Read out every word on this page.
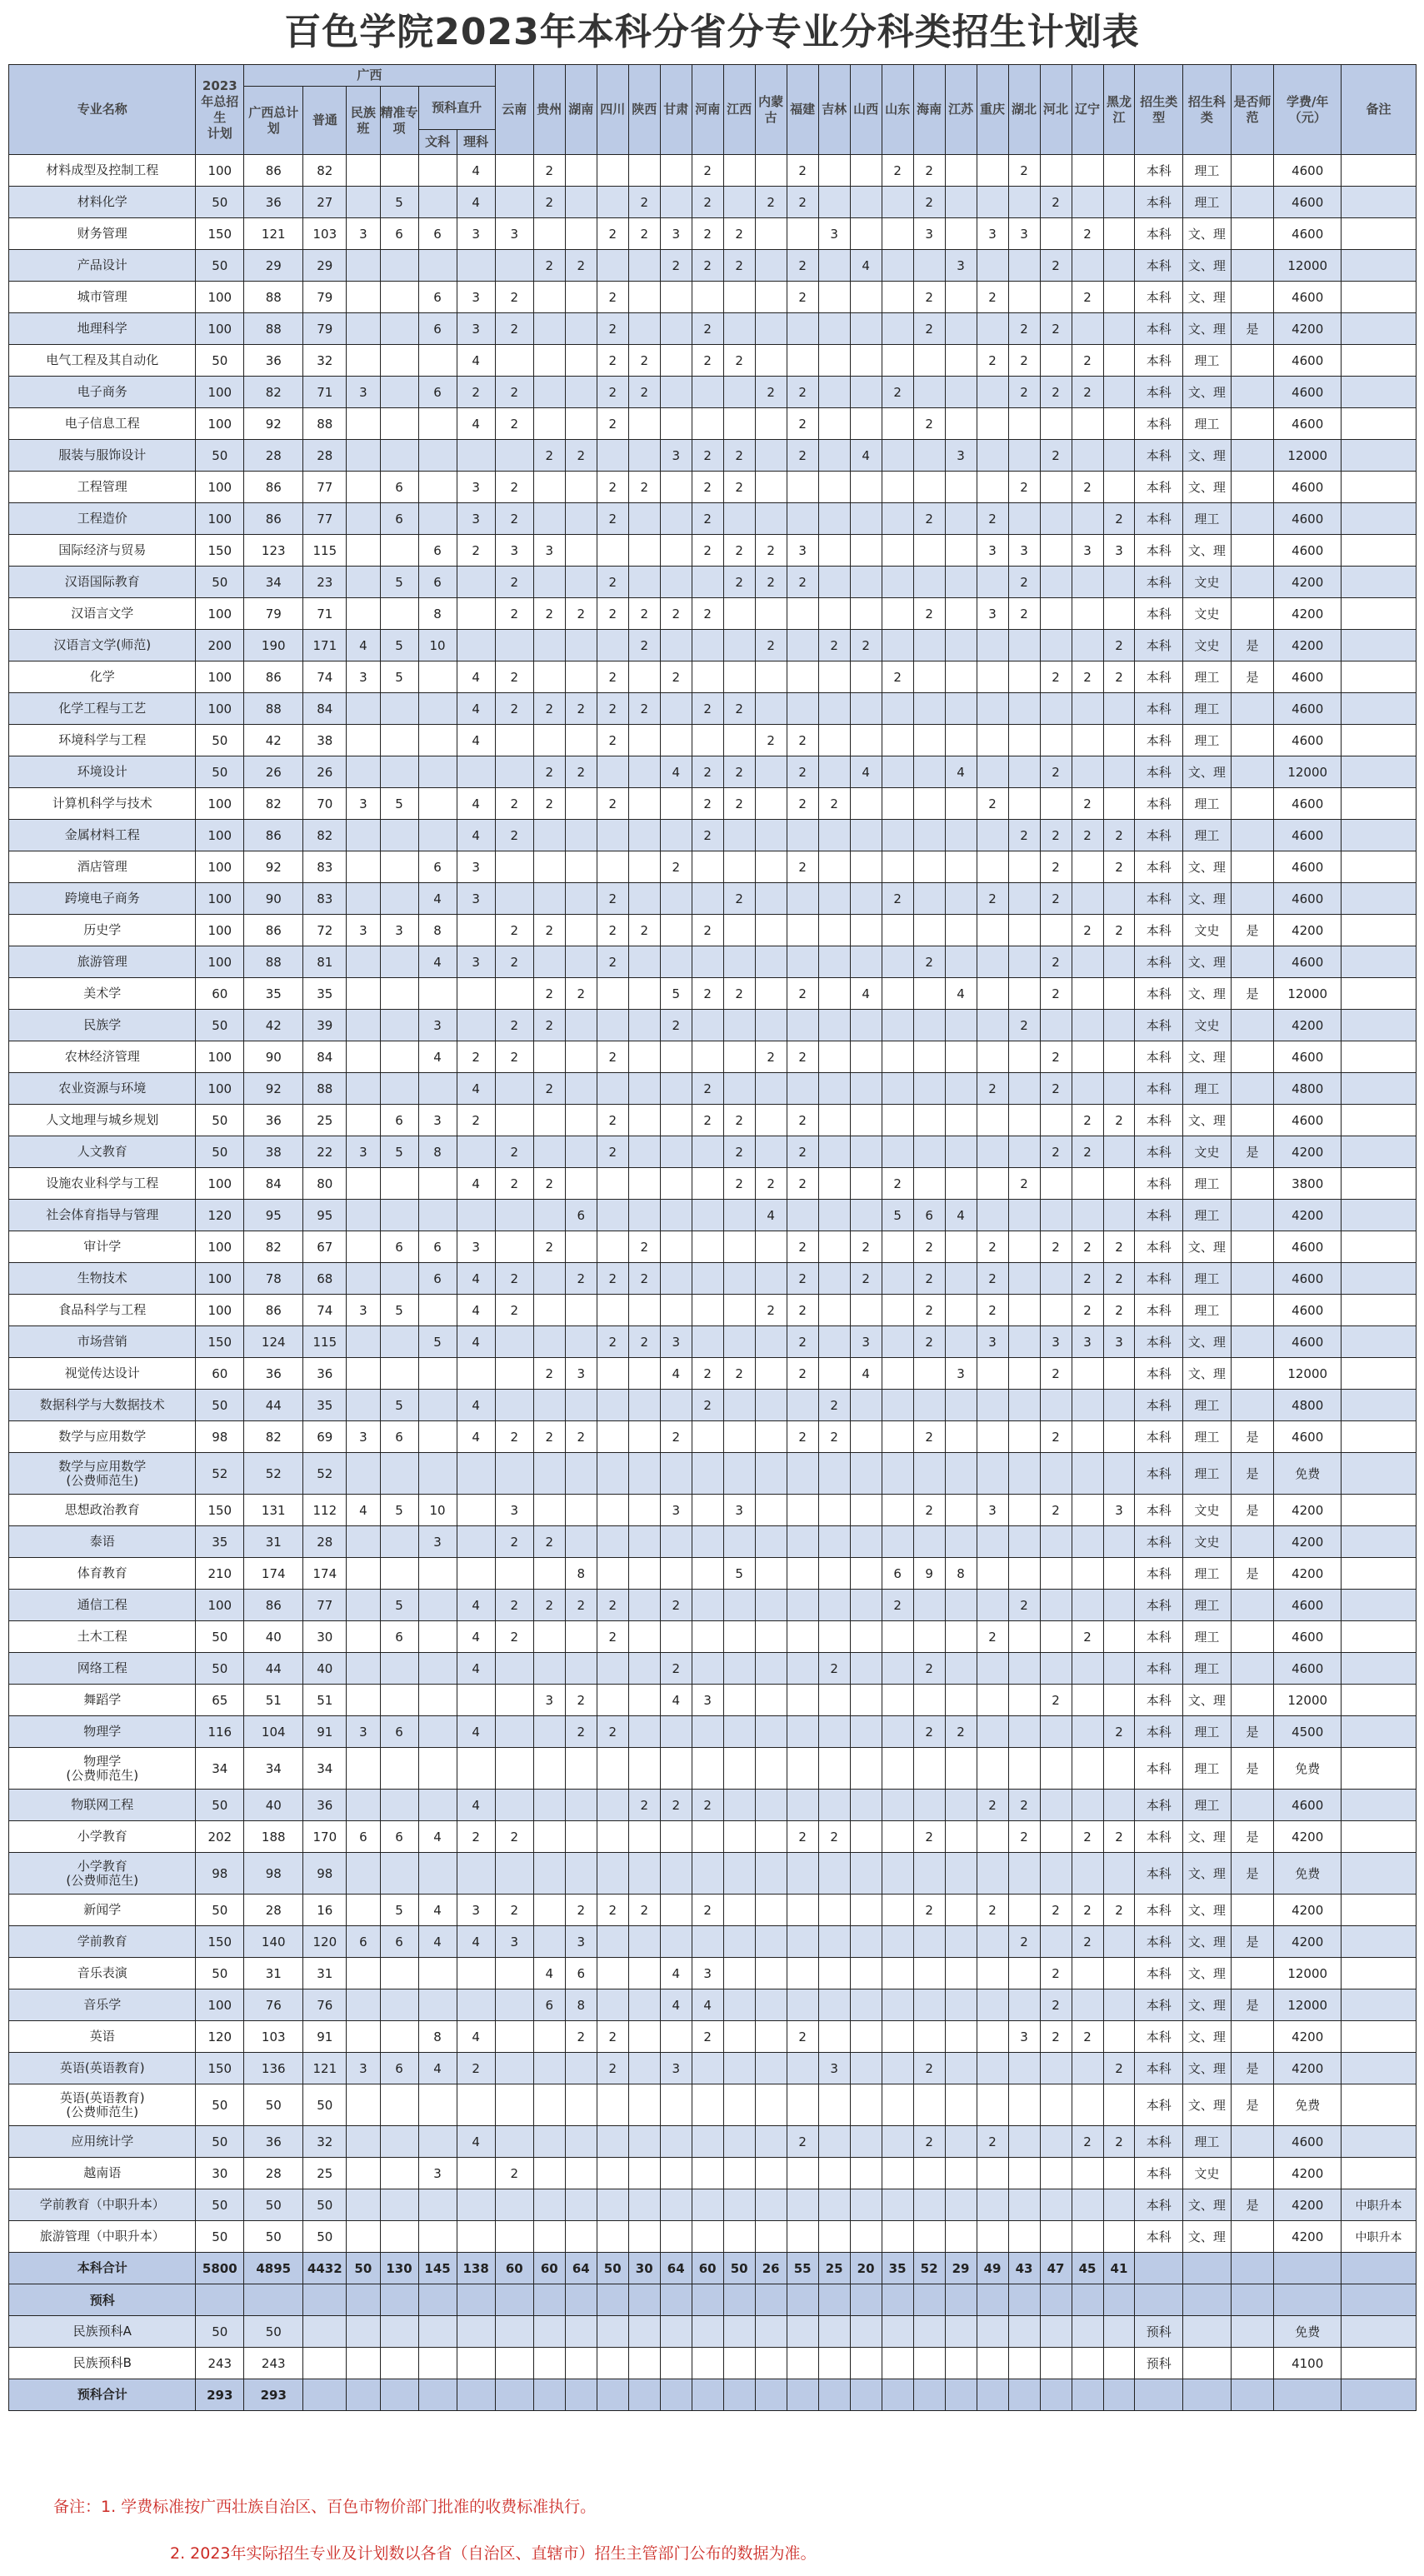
百色学院2023年本科分省分专业分科类招生计划表
专业名称	2023
年总招生
计划	广西						云南	贵州	湖南	四川	陕西	甘肃	河南	江西	内蒙古	福建	吉林	山西	山东	海南	江苏	重庆	湖北	河北	辽宁	黑龙江	招生类型	招生科类	是否师范	学费/年（元）	备注
		广西总计划	普通	民族班	精准专项	预科直升																										
						文科	理科																									
材料成型及控制工程	100	86	82				4		2					2			2			2	2			2				本科	理工		4600	
材料化学	50	36	27		5		4		2			2		2		2	2				2				2			本科	理工		4600	
财务管理	150	121	103	3	6	6	3	3			2	2	3	2	2			3			3		3	3		2		本科	文、理		4600	
产品设计	50	29	29						2	2			2	2	2		2		4			3			2			本科	文、理		12000	
城市管理	100	88	79			6	3	2			2						2				2		2			2		本科	文、理		4600	
地理科学	100	88	79			6	3	2			2			2							2			2	2			本科	文、理	是	4200	
电气工程及其自动化	50	36	32				4				2	2		2	2								2	2		2		本科	理工		4600	
电子商务	100	82	71	3		6	2	2			2	2				2	2			2				2	2	2		本科	文、理		4600	
电子信息工程	100	92	88				4	2			2						2				2							本科	理工		4600	
服装与服饰设计	50	28	28						2	2			3	2	2		2		4			3			2			本科	文、理		12000	
工程管理	100	86	77		6		3	2			2	2		2	2									2		2		本科	文、理		4600	
工程造价	100	86	77		6		3	2			2			2							2		2				2	本科	理工		4600	
国际经济与贸易	150	123	115			6	2	3	3					2	2	2	3						3	3		3	3	本科	文、理		4600	
汉语国际教育	50	34	23		5	6		2			2				2	2	2							2				本科	文史		4200	
汉语言文学	100	79	71			8		2	2	2	2	2	2	2							2		3	2				本科	文史		4200	
汉语言文学(师范)	200	190	171	4	5	10						2				2		2	2								2	本科	文史	是	4200	
化学	100	86	74	3	5		4	2			2		2							2					2	2	2	本科	理工	是	4600	
化学工程与工艺	100	88	84				4	2	2	2	2	2		2	2													本科	理工		4600	
环境科学与工程	50	42	38				4				2					2	2											本科	理工		4600	
环境设计	50	26	26						2	2			4	2	2		2		4			4			2			本科	文、理		12000	
计算机科学与技术	100	82	70	3	5		4	2	2		2			2	2		2	2					2			2		本科	理工		4600	
金属材料工程	100	86	82				4	2						2										2	2	2	2	本科	理工		4600	
酒店管理	100	92	83			6	3						2				2								2		2	本科	文、理		4600	
跨境电子商务	100	90	83			4	3				2				2					2			2		2			本科	文、理		4600	
历史学	100	86	72	3	3	8		2	2		2	2		2												2	2	本科	文史	是	4200	
旅游管理	100	88	81			4	3	2			2										2				2			本科	文、理		4600	
美术学	60	35	35						2	2			5	2	2		2		4			4			2			本科	文、理	是	12000	
民族学	50	42	39			3		2	2				2											2				本科	文史		4200	
农林经济管理	100	90	84			4	2	2			2					2	2								2			本科	文、理		4600	
农业资源与环境	100	92	88				4		2					2									2		2			本科	理工		4800	
人文地理与城乡规划	50	36	25		6	3	2				2			2	2		2									2	2	本科	文、理		4600	
人文教育	50	38	22	3	5	8		2			2				2		2								2	2		本科	文史	是	4200	
设施农业科学与工程	100	84	80				4	2	2						2	2	2			2				2				本科	理工		3800	
社会体育指导与管理	120	95	95							6						4				5	6	4						本科	理工		4200	
审计学	100	82	67		6	6	3		2			2					2		2		2		2		2	2	2	本科	文、理		4600	
生物技术	100	78	68			6	4	2		2	2	2					2		2		2		2			2	2	本科	理工		4600	
食品科学与工程	100	86	74	3	5		4	2								2	2				2		2			2	2	本科	理工		4600	
市场营销	150	124	115			5	4				2	2	3				2		3		2		3		3	3	3	本科	文、理		4600	
视觉传达设计	60	36	36						2	3			4	2	2		2		4			3			2			本科	文、理		12000	
数据科学与大数据技术	50	44	35		5		4							2				2										本科	理工		4800	
数学与应用数学	98	82	69	3	6		4	2	2	2			2				2	2			2				2			本科	理工	是	4600	
数学与应用数学
(公费师范生)	52	52	52																									本科	理工	是	免费	
思想政治教育	150	131	112	4	5	10		3					3		3						2		3		2		3	本科	文史	是	4200	
泰语	35	31	28			3		2	2																			本科	文史		4200	
体育教育	210	174	174							8					5					6	9	8						本科	理工	是	4200	
通信工程	100	86	77		5		4	2	2	2	2		2							2				2				本科	理工		4600	
土木工程	50	40	30		6		4	2			2												2			2		本科	理工		4600	
网络工程	50	44	40				4						2					2			2							本科	理工		4600	
舞蹈学	65	51	51						3	2			4	3											2			本科	文、理		12000	
物理学	116	104	91	3	6		4			2	2										2	2					2	本科	理工	是	4500	
物理学
(公费师范生)	34	34	34																									本科	理工	是	免费	
物联网工程	50	40	36				4					2	2	2									2	2				本科	理工		4600	
小学教育	202	188	170	6	6	4	2	2									2	2			2			2		2	2	本科	文、理	是	4200	
小学教育
(公费师范生)	98	98	98																									本科	文、理	是	免费	
新闻学	50	28	16		5	4	3	2		2	2	2		2							2		2		2	2	2	本科	文、理		4200	
学前教育	150	140	120	6	6	4	4	3		3														2		2		本科	文、理	是	4200	
音乐表演	50	31	31						4	6			4	3											2			本科	文、理		12000	
音乐学	100	76	76						6	8			4	4											2			本科	文、理	是	12000	
英语	120	103	91			8	4			2	2			2			2							3	2	2		本科	文、理		4200	
英语(英语教育)	150	136	121	3	6	4	2				2		3					3			2						2	本科	文、理	是	4200	
英语(英语教育)
(公费师范生)	50	50	50																									本科	文、理	是	免费	
应用统计学	50	36	32				4										2				2		2			2	2	本科	理工		4600	
越南语	30	28	25			3		2																				本科	文史		4200	
学前教育（中职升本）	50	50	50																									本科	文、理	是	4200	中职升本
旅游管理（中职升本）	50	50	50																									本科	文、理		4200	中职升本
本科合计	5800	4895	4432	50	130	145	138	60	60	64	50	30	64	60	50	26	55	25	20	35	52	29	49	43	47	45	41					
预科																																
民族预科A	50	50																										预科			免费	
民族预科B	243	243																										预科			4100	
预科合计	293	293																														
备注：1. 学费标准按广西壮族自治区、百色市物价部门批准的收费标准执行。
2. 2023年实际招生专业及计划数以各省（自治区、直辖市）招生主管部门公布的数据为准。
